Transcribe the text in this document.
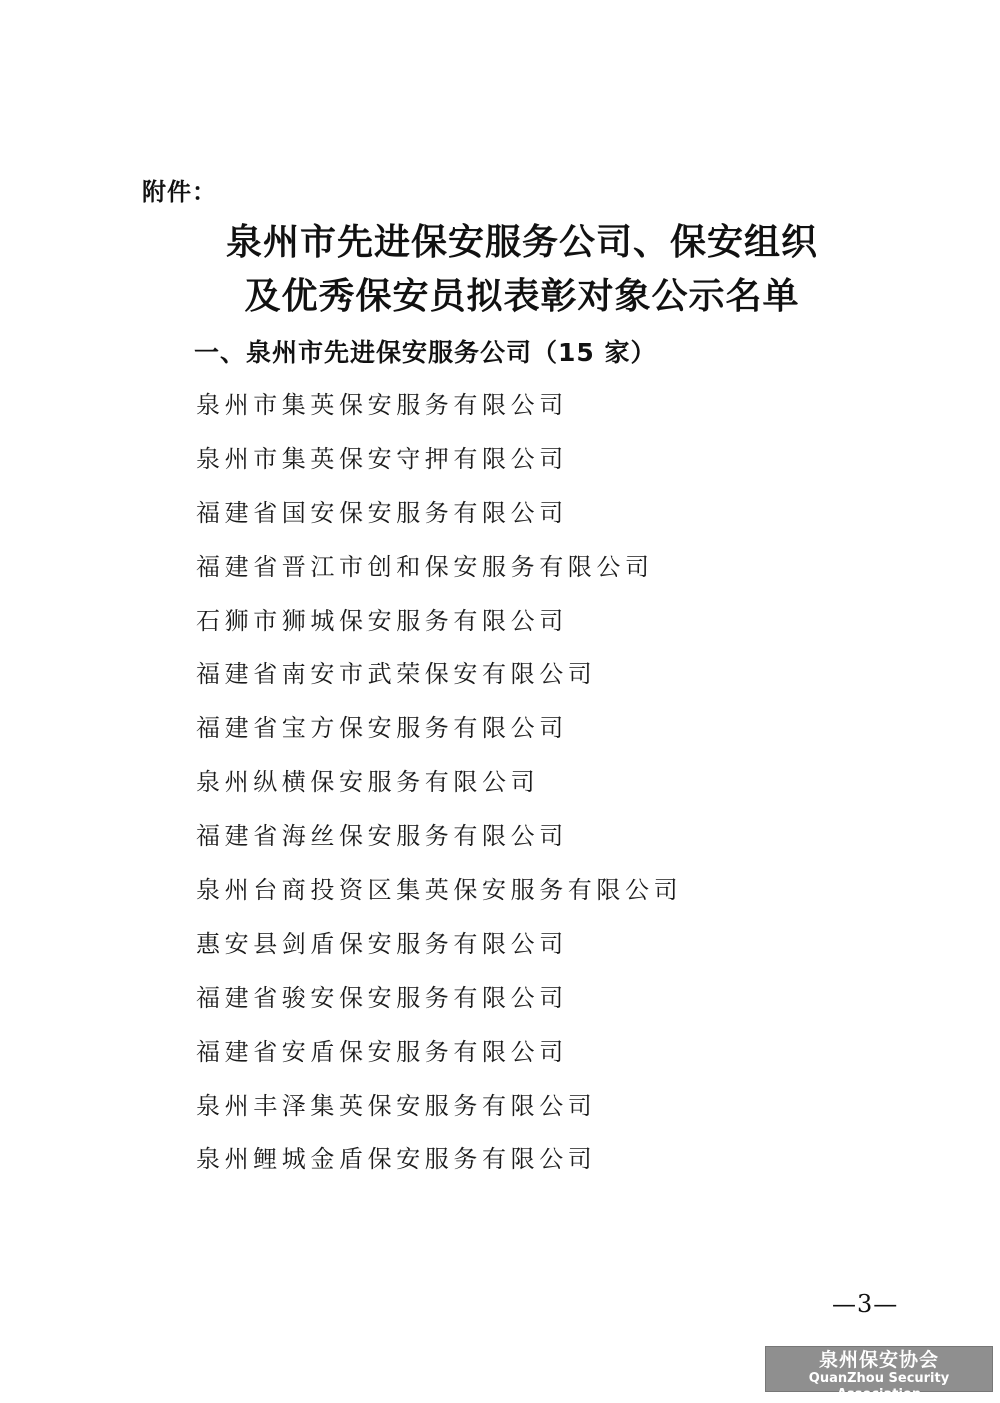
附件：
泉州市先进保安服务公司、保安组织
及优秀保安员拟表彰对象公示名单
一、泉州市先进保安服务公司（15 家）
泉州市集英保安服务有限公司
泉州市集英保安守押有限公司
福建省国安保安服务有限公司
福建省晋江市创和保安服务有限公司
石狮市狮城保安服务有限公司
福建省南安市武荣保安有限公司
福建省宝方保安服务有限公司
泉州纵横保安服务有限公司
福建省海丝保安服务有限公司
泉州台商投资区集英保安服务有限公司
惠安县剑盾保安服务有限公司
福建省骏安保安服务有限公司
福建省安盾保安服务有限公司
泉州丰泽集英保安服务有限公司
泉州鲤城金盾保安服务有限公司
—3—
泉州保安协会
QuanZhou Security Association
